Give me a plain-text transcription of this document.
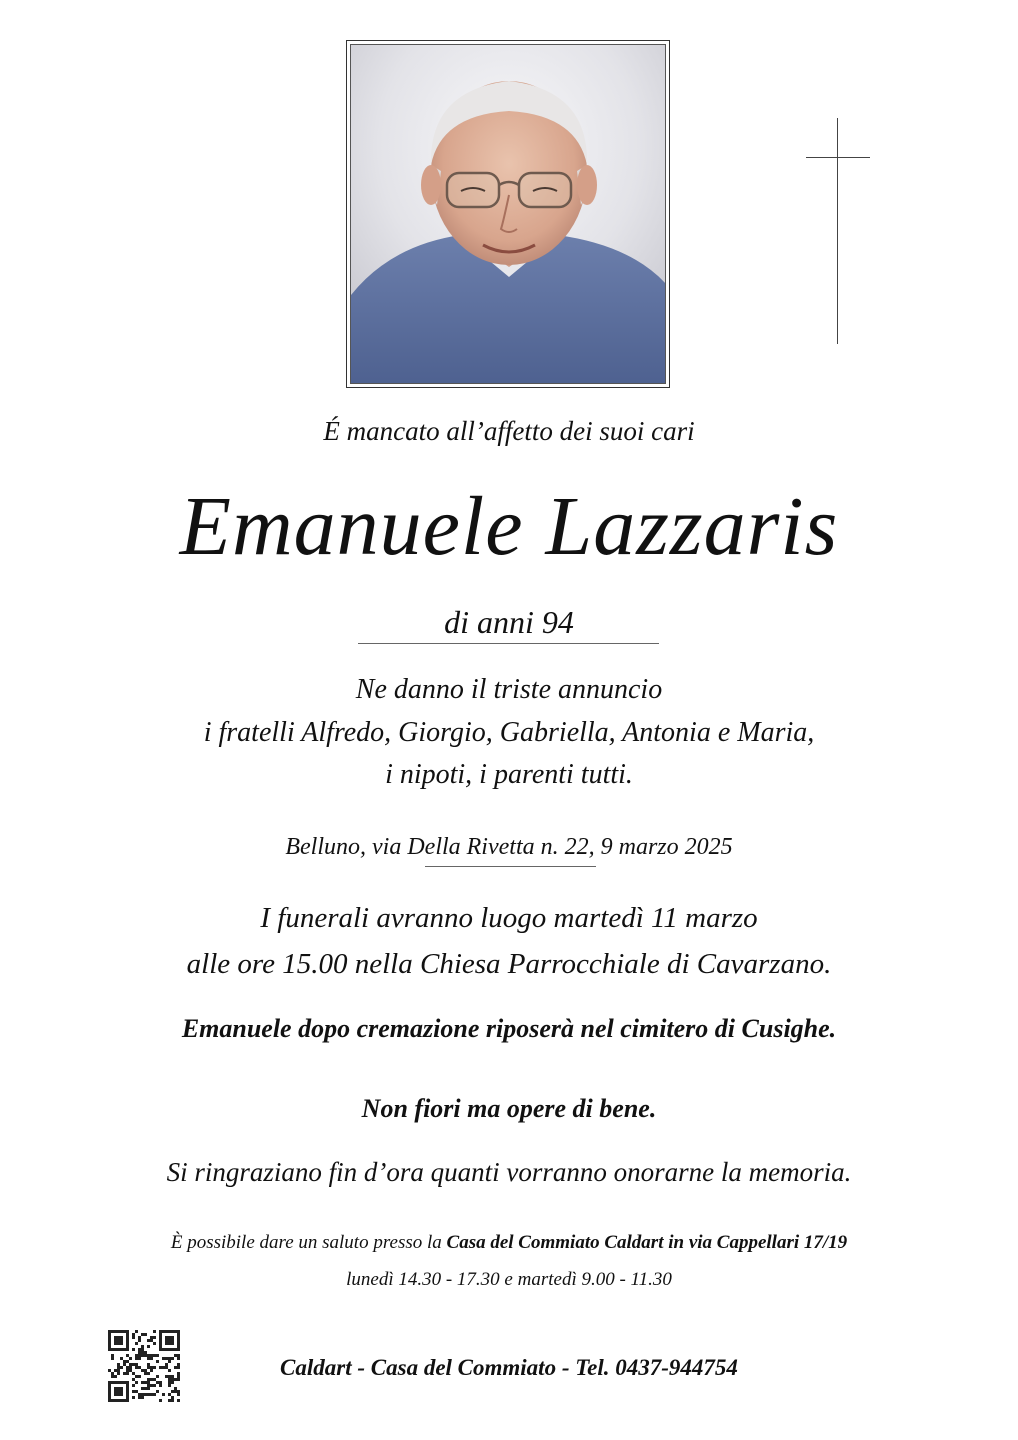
É mancato all’affetto dei suoi cari
Emanuele Lazzaris
di anni 94
Ne danno il triste annuncio
i fratelli Alfredo, Giorgio, Gabriella, Antonia e Maria,
i nipoti, i parenti tutti.
Belluno, via Della Rivetta n. 22, 9 marzo 2025
I funerali avranno luogo martedì 11 marzo
alle ore 15.00 nella Chiesa Parrocchiale di Cavarzano.
Emanuele dopo cremazione riposerà nel cimitero di Cusighe.
Non fiori ma opere di bene.
Si ringraziano fin d’ora quanti vorranno onorarne la memoria.
È possibile dare un saluto presso la Casa del Commiato Caldart in via Cappellari 17/19
lunedì 14.30 - 17.30 e martedì 9.00 - 11.30
Caldart - Casa del Commiato - Tel. 0437-944754
